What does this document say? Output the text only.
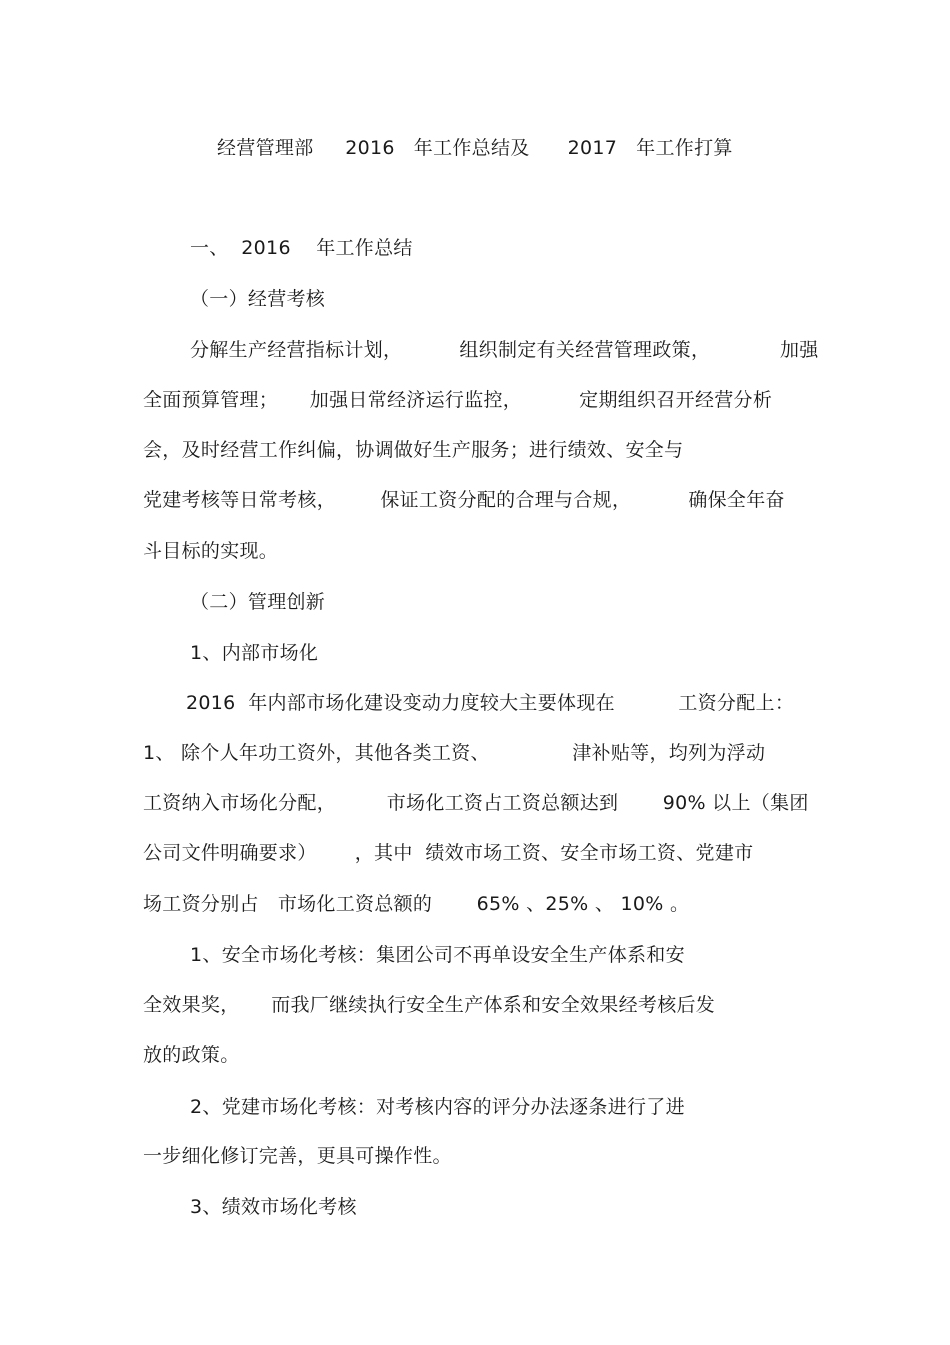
经营管理部     2016   年工作总结及      2017   年工作打算
一、  2016    年工作总结
（一）经营考核
分解生产经营指标计划，         组织制定有关经营管理政策，           加强
全面预算管理；     加强日常经济运行监控，         定期组织召开经营分析
会，及时经营工作纠偏，协调做好生产服务；进行绩效、安全与
党建考核等日常考核，       保证工资分配的合理与合规，         确保全年奋
斗目标的实现。
（二）管理创新
1、内部市场化
2016  年内部市场化建设变动力度较大主要体现在          工资分配上：
1、 除个人年功工资外，其他各类工资、             津补贴等，均列为浮动
工资纳入市场化分配，        市场化工资占工资总额达到       90% 以上（集团
公司文件明确要求）      ，其中  绩效市场工资、安全市场工资、党建市
场工资分别占   市场化工资总额的       65% 、25% 、 10% 。
1、安全市场化考核：集团公司不再单设安全生产体系和安
全效果奖，     而我厂继续执行安全生产体系和安全效果经考核后发
放的政策。
2、党建市场化考核：对考核内容的评分办法逐条进行了进
一步细化修订完善，更具可操作性。
3、绩效市场化考核
